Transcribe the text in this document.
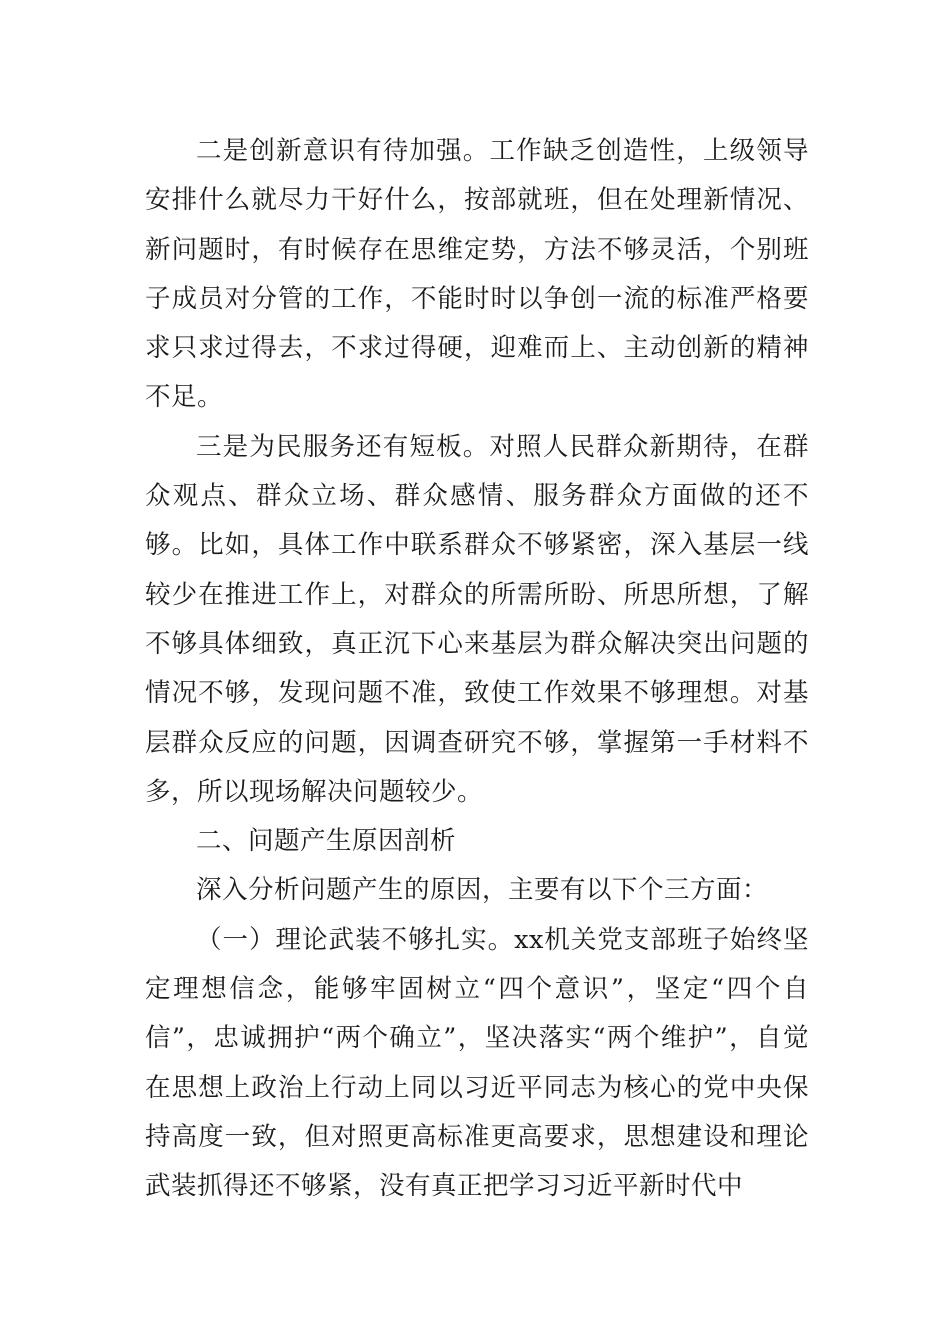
二是创新意识有待加强。工作缺乏创造性，上级领导安排什么就尽力干好什么，按部就班，但在处理新情况、新问题时，有时候存在思维定势，方法不够灵活，个别班子成员对分管的工作，不能时时以争创一流的标准严格要求只求过得去，不求过得硬，迎难而上、主动创新的精神不足。

三是为民服务还有短板。对照人民群众新期待，在群众观点、群众立场、群众感情、服务群众方面做的还不够。比如，具体工作中联系群众不够紧密，深入基层一线较少在推进工作上，对群众的所需所盼、所思所想，了解不够具体细致，真正沉下心来基层为群众解决突出问题的情况不够，发现问题不准，致使工作效果不够理想。对基层群众反应的问题，因调查研究不够，掌握第一手材料不多，所以现场解决问题较少。

二、问题产生原因剖析

深入分析问题产生的原因，主要有以下个三方面：

（一）理论武装不够扎实。xx机关党支部班子始终坚定理想信念，能够牢固树立“四个意识”，坚定“四个自信”，忠诚拥护“两个确立”，坚决落实“两个维护”，自觉在思想上政治上行动上同以习近平同志为核心的党中央保持高度一致，但对照更高标准更高要求，思想建设和理论武装抓得还不够紧，没有真正把学习习近平新时代中
